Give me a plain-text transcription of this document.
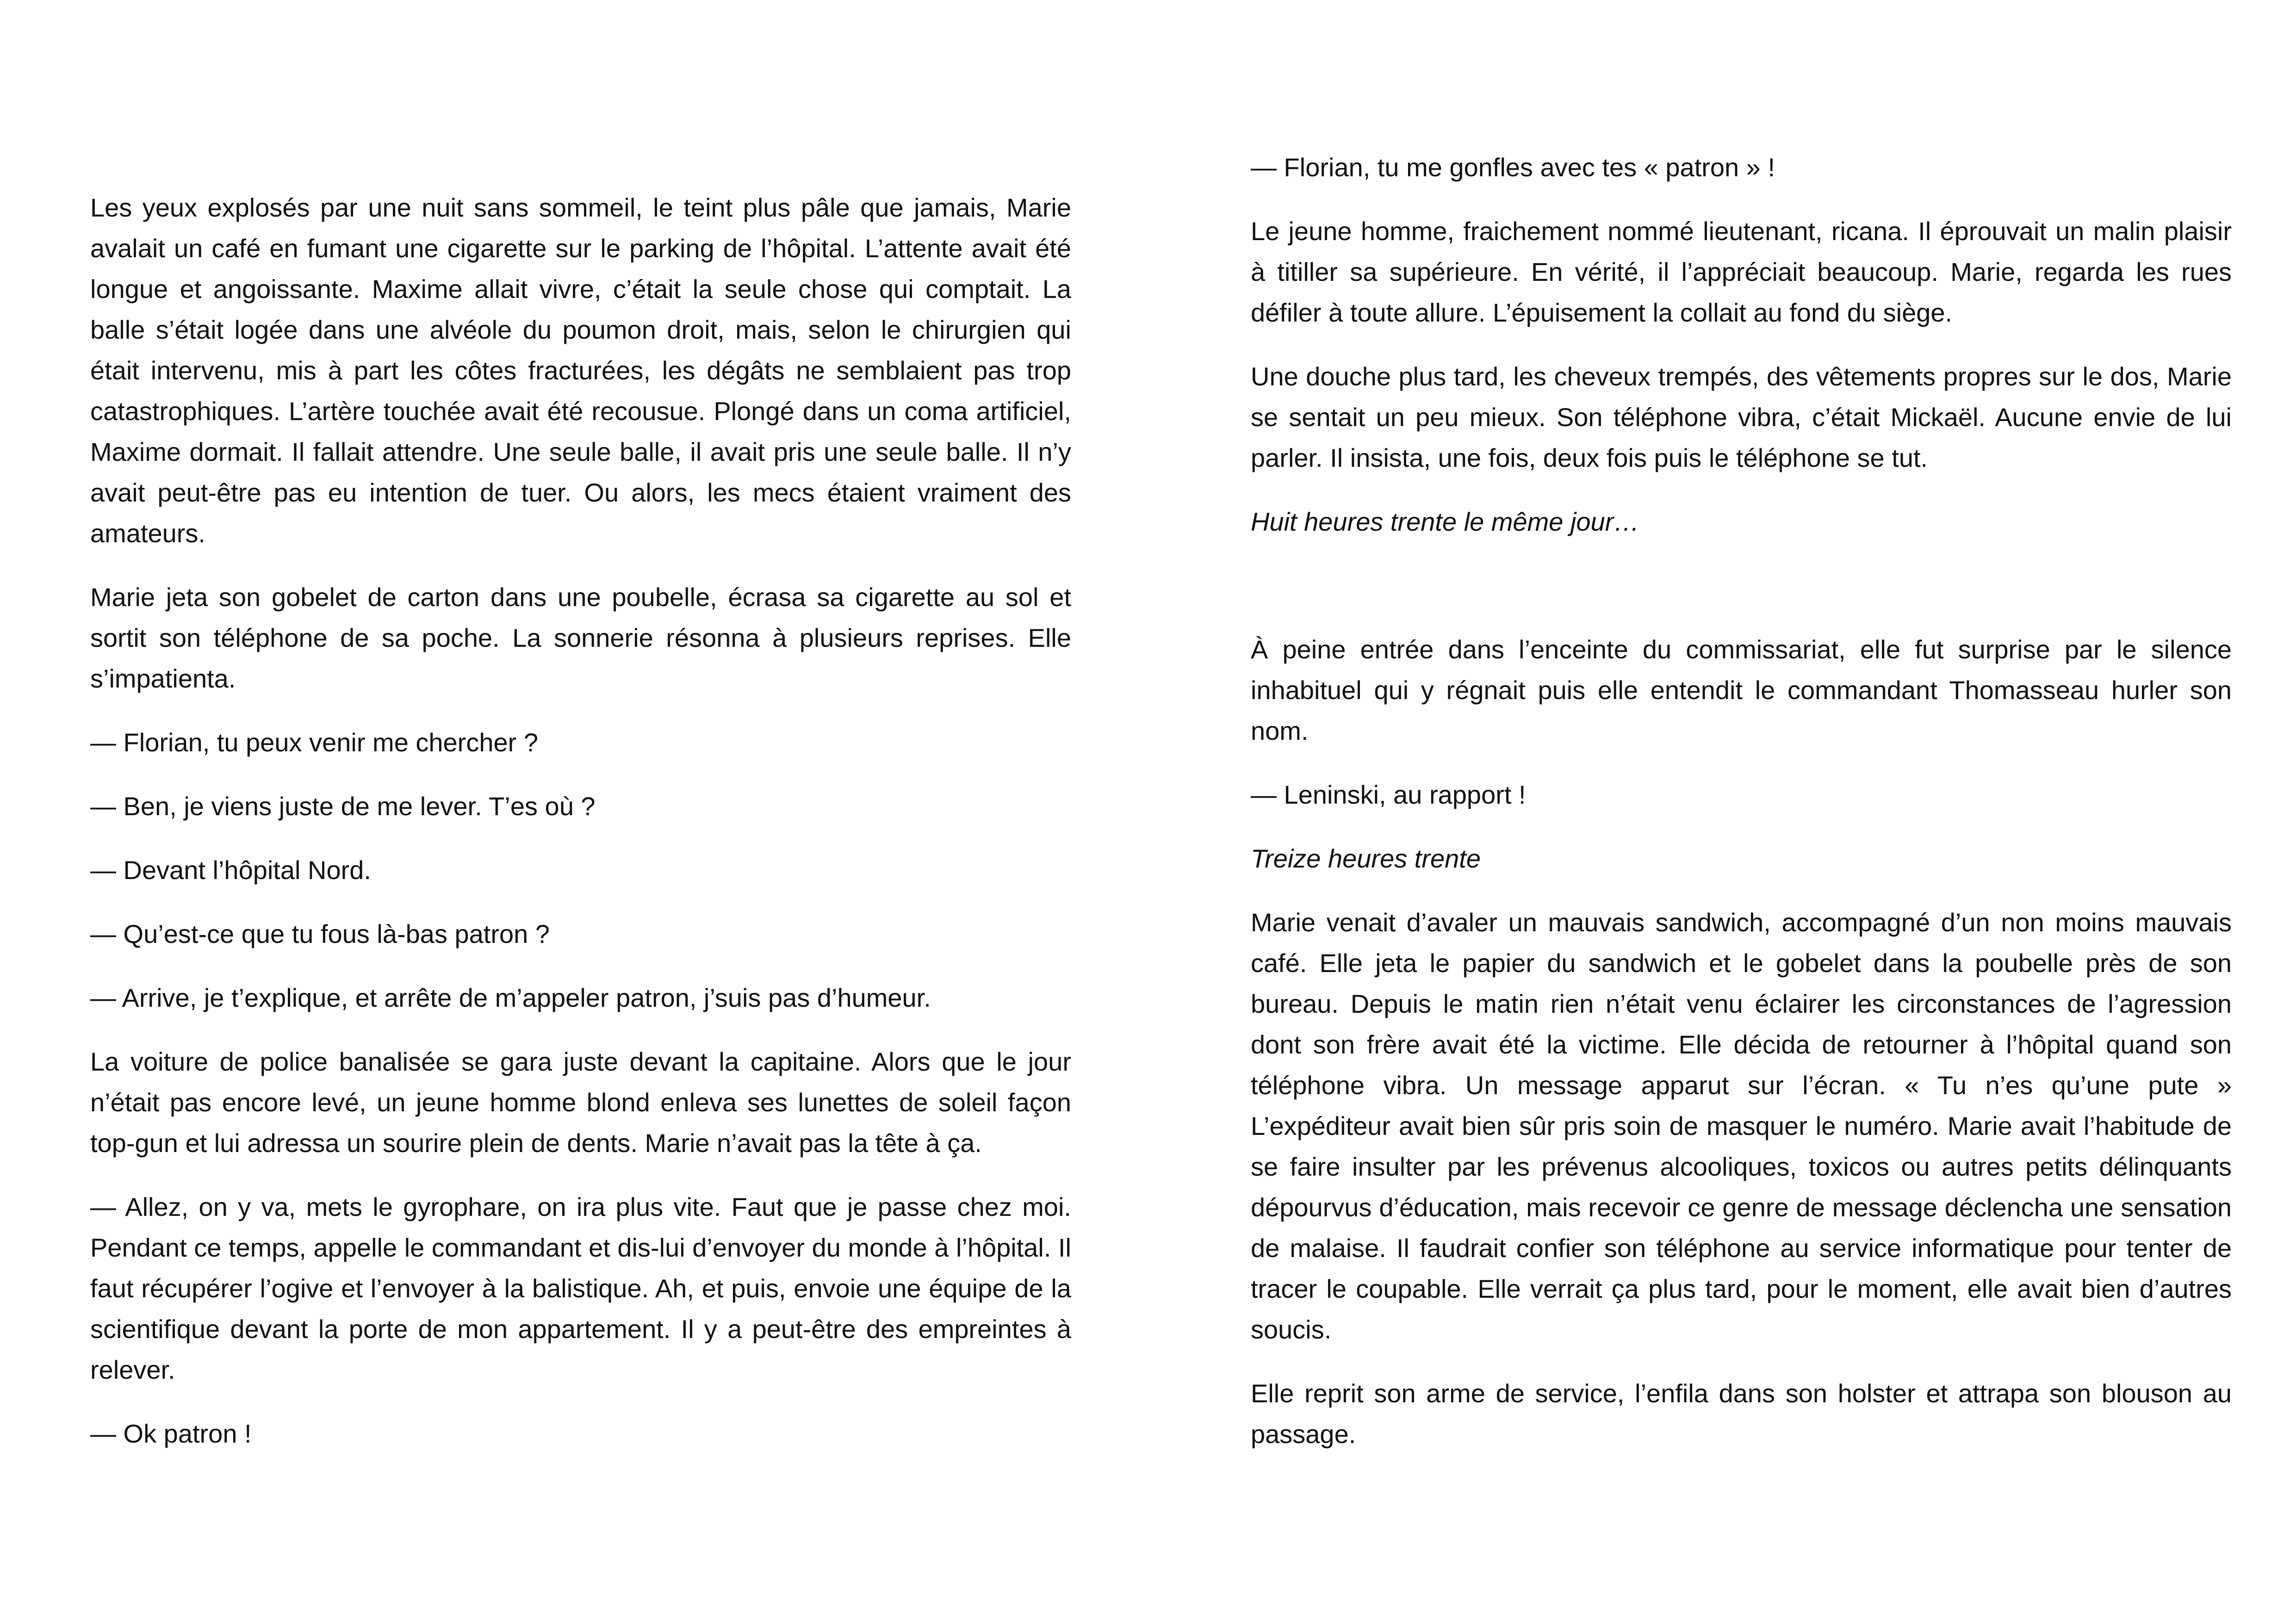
Les yeux explosés par une nuit sans sommeil, le teint plus pâle que jamais, Marie avalait un café en fumant une cigarette sur le parking de l’hôpital. L’attente avait été longue et angoissante. Maxime allait vivre, c’était la seule chose qui comptait. La balle s’était logée dans une alvéole du poumon droit, mais, selon le chirurgien qui était intervenu, mis à part les côtes fracturées, les dégâts ne semblaient pas trop catastrophiques. L’artère touchée avait été recousue. Plongé dans un coma artificiel, Maxime dormait. Il fallait attendre. Une seule balle, il avait pris une seule balle. Il n’y avait peut-être pas eu intention de tuer. Ou alors, les mecs étaient vraiment des amateurs.

Marie jeta son gobelet de carton dans une poubelle, écrasa sa cigarette au sol et sortit son téléphone de sa poche. La sonnerie résonna à plusieurs reprises. Elle s’impatienta.

— Florian, tu peux venir me chercher ?

— Ben, je viens juste de me lever. T’es où ?

— Devant l’hôpital Nord.

— Qu’est-ce que tu fous là-bas patron ?

— Arrive, je t’explique, et arrête de m’appeler patron, j’suis pas d’humeur.

La voiture de police banalisée se gara juste devant la capitaine. Alors que le jour n’était pas encore levé, un jeune homme blond enleva ses lunettes de soleil façon top-gun et lui adressa un sourire plein de dents. Marie n’avait pas la tête à ça.

— Allez, on y va, mets le gyrophare, on ira plus vite. Faut que je passe chez moi. Pendant ce temps, appelle le commandant et dis-lui d’envoyer du monde à l’hôpital. Il faut récupérer l’ogive et l’envoyer à la balistique. Ah, et puis, envoie une équipe de la scientifique devant la porte de mon appartement. Il y a peut-être des empreintes à relever.

— Ok patron !

— Florian, tu me gonfles avec tes « patron » !

Le jeune homme, fraichement nommé lieutenant, ricana. Il éprouvait un malin plaisir à titiller sa supérieure. En vérité, il l’appréciait beaucoup. Marie, regarda les rues défiler à toute allure. L’épuisement la collait au fond du siège.

Une douche plus tard, les cheveux trempés, des vêtements propres sur le dos, Marie se sentait un peu mieux. Son téléphone vibra, c’était Mickaël. Aucune envie de lui parler. Il insista, une fois, deux fois puis le téléphone se tut.

Huit heures trente le même jour…

À peine entrée dans l’enceinte du commissariat, elle fut surprise par le silence inhabituel qui y régnait puis elle entendit le commandant Thomasseau hurler son nom.

— Leninski, au rapport !

Treize heures trente

Marie venait d’avaler un mauvais sandwich, accompagné d’un non moins mauvais café. Elle jeta le papier du sandwich et le gobelet dans la poubelle près de son bureau. Depuis le matin rien n’était venu éclairer les circonstances de l’agression dont son frère avait été la victime. Elle décida de retourner à l’hôpital quand son téléphone vibra. Un message apparut sur l’écran. « Tu n’es qu’une pute » L’expéditeur avait bien sûr pris soin de masquer le numéro. Marie avait l’habitude de se faire insulter par les prévenus alcooliques, toxicos ou autres petits délinquants dépourvus d’éducation, mais recevoir ce genre de message déclencha une sensation de malaise. Il faudrait confier son téléphone au service informatique pour tenter de tracer le coupable. Elle verrait ça plus tard, pour le moment, elle avait bien d’autres soucis.

Elle reprit son arme de service, l’enfila dans son holster et attrapa son blouson au passage.
